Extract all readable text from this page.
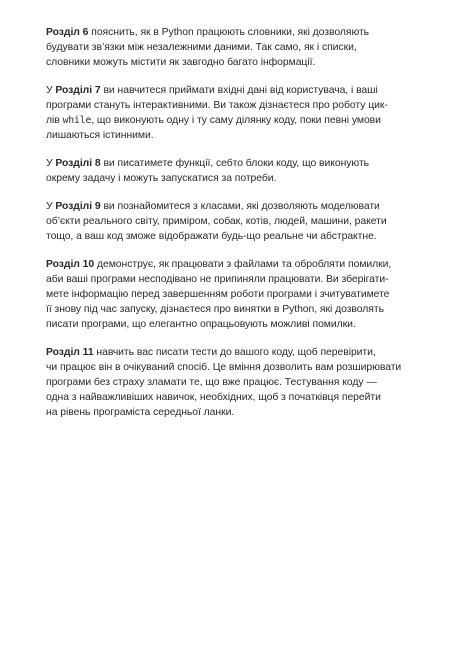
Розділ 6 пояснить, як в Python працюють словники, які дозволяють
будувати зв’язки між незалежними даними. Так само, як і списки,
словники можуть містити як завгодно багато інформації.

У Розділі 7 ви навчитеся приймати вхідні дані від користувача, і ваші
програми стануть інтерактивними. Ви також дізнаєтеся про роботу цик-
лів while, що виконують одну і ту саму ділянку коду, поки певні умови
лишаються істинними.

У Розділі 8 ви писатимете функції, себто блоки коду, що виконують
окрему задачу і можуть запускатися за потреби.

У Розділі 9 ви познайомитеся з класами, які дозволяють моделювати
об’єкти реального світу, приміром, собак, котів, людей, машини, ракети
тощо, а ваш код зможе відображати будь-що реальне чи абстрактне.

Розділ 10 демонструє, як працювати з файлами та обробляти помилки,
аби ваші програми несподівано не припиняли працювати. Ви зберігати-
мете інформацію перед завершенням роботи програми і зчитуватимете
її знову під час запуску, дізнаєтеся про винятки в Python, які дозволять
писати програми, що елегантно опрацьовують можливі помилки.

Розділ 11 навчить вас писати тести до вашого коду, щоб перевірити,
чи працює він в очікуваний спосіб. Це вміння дозволить вам розширювати
програми без страху зламати те, що вже працює. Тестування коду —
одна з найважливіших навичок, необхідних, щоб з початківця перейти
на рівень програміста середньої ланки.
